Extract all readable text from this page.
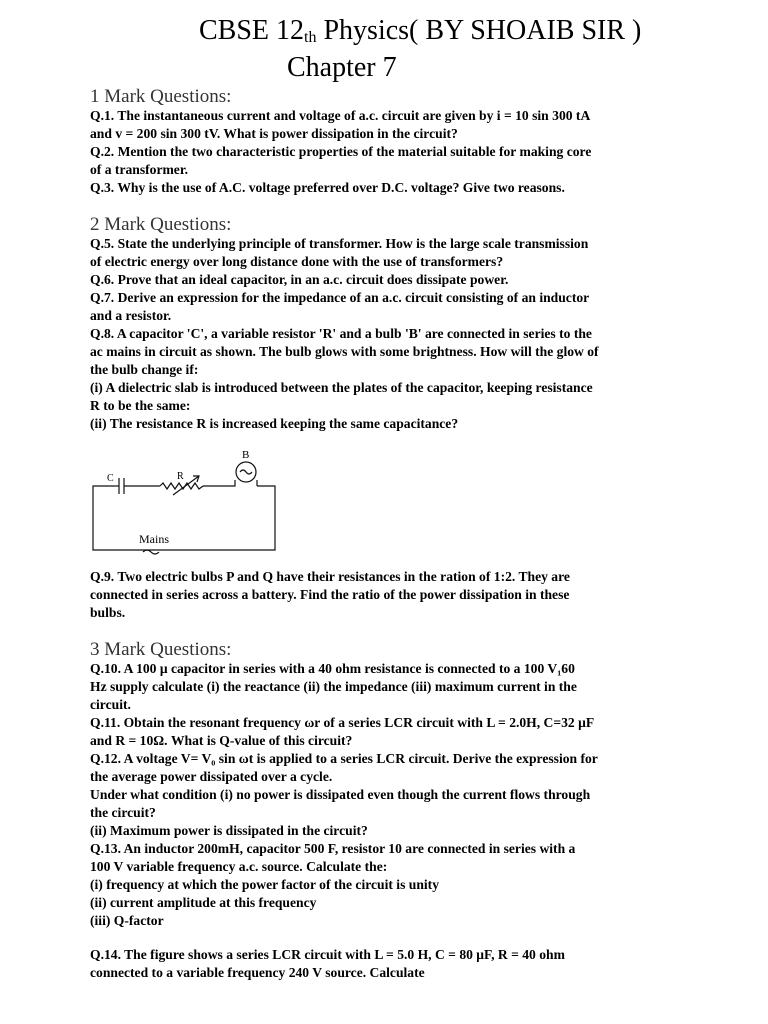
CBSE $12_{th}$ Physics( BY SHOAIB SIR )
Chapter 7
1 Mark Questions:
Q.1. The instantaneous current and voltage of a.c. circuit are given by i = 10 sin 300 tA
and v = 200 sin 300 tV. What is power dissipation in the circuit?
Q.2. Mention the two characteristic properties of the material suitable for making core
of a transformer.
Q.3. Why is the use of A.C. voltage preferred over D.C. voltage? Give two reasons.
2 Mark Questions:
Q.5. State the underlying principle of transformer. How is the large scale transmission
of electric energy over long distance done with the use of transformers?
Q.6. Prove that an ideal capacitor, in an a.c. circuit does dissipate power.
Q.7. Derive an expression for the impedance of an a.c. circuit consisting of an inductor
and a resistor.
Q.8. A capacitor 'C', a variable resistor 'R' and a bulb 'B' are connected in series to the
ac mains in circuit as shown. The bulb glows with some brightness. How will the glow of
the bulb change if:
(i) A dielectric slab is introduced between the plates of the capacitor, keeping resistance
R to be the same:
(ii) The resistance R is increased keeping the same capacitance?
C	R
B
Mains
Q.9. Two electric bulbs P and Q have their resistances in the ration of 1:2. They are
connected in series across a battery. Find the ratio of the power dissipation in these
bulbs.
3 Mark Questions:
Q.10. A 100 μ capacitor in series with a 40 ohm resistance is connected to a 100 V₁60
Hz supply calculate (i) the reactance (ii) the impedance (iii) maximum current in the
circuit.
Q.11. Obtain the resonant frequency ωr of a series LCR circuit with L = 2.0H, C=32 μF
and R = 10Ω. What is Q-value of this circuit?
Q.12. A voltage V= V₀ sin ωt is applied to a series LCR circuit. Derive the expression for
the average power dissipated over a cycle.
Under what condition (i) no power is dissipated even though the current flows through
the circuit?
(ii) Maximum power is dissipated in the circuit?
Q.13. An inductor 200mH, capacitor 500 F, resistor 10 are connected in series with a
100 V variable frequency a.c. source. Calculate the:
(i) frequency at which the power factor of the circuit is unity
(ii) current amplitude at this frequency
(iii) Q-factor
Q.14. The figure shows a series LCR circuit with L = 5.0 H, C = 80 μF, R = 40 ohm
connected to a variable frequency 240 V source. Calculate
